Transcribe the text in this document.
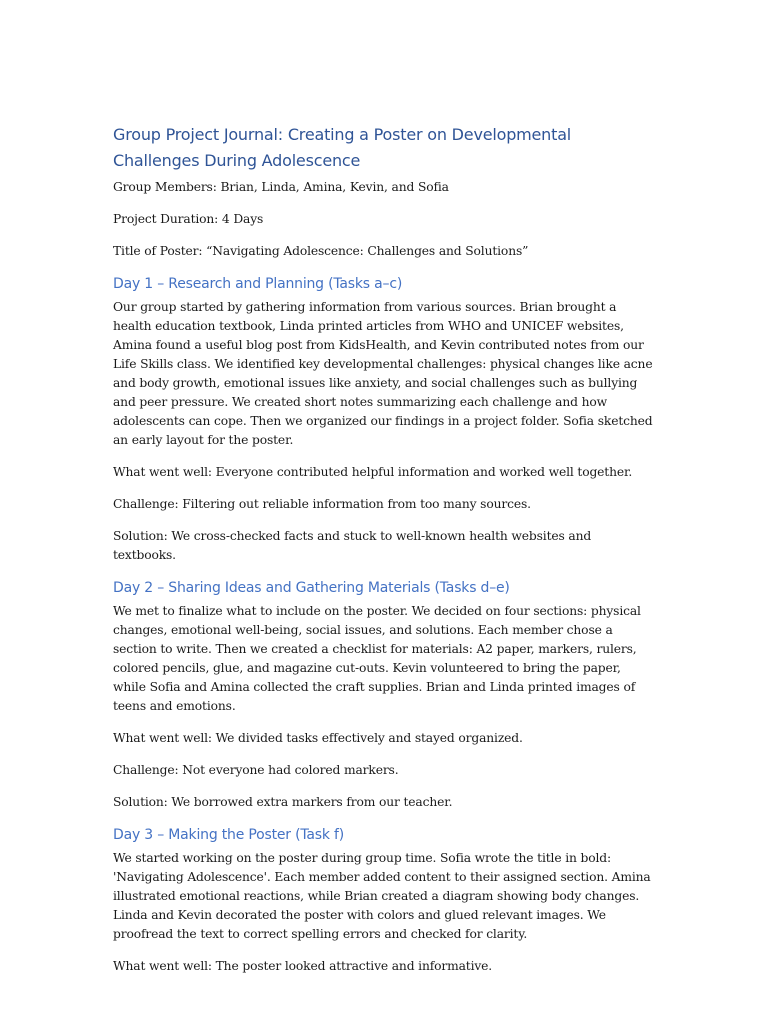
Group Project Journal: Creating a Poster on Developmental Challenges During Adolescence

Group Members: Brian, Linda, Amina, Kevin, and Sofia

Project Duration: 4 Days

Title of Poster: “Navigating Adolescence: Challenges and Solutions”

Day 1 – Research and Planning (Tasks a–c)

Our group started by gathering information from various sources. Brian brought a health education textbook, Linda printed articles from WHO and UNICEF websites, Amina found a useful blog post from KidsHealth, and Kevin contributed notes from our Life Skills class. We identified key developmental challenges: physical changes like acne and body growth, emotional issues like anxiety, and social challenges such as bullying and peer pressure. We created short notes summarizing each challenge and how adolescents can cope. Then we organized our findings in a project folder. Sofia sketched an early layout for the poster.

What went well: Everyone contributed helpful information and worked well together.

Challenge: Filtering out reliable information from too many sources.

Solution: We cross-checked facts and stuck to well-known health websites and textbooks.

Day 2 – Sharing Ideas and Gathering Materials (Tasks d–e)

We met to finalize what to include on the poster. We decided on four sections: physical changes, emotional well-being, social issues, and solutions. Each member chose a section to write. Then we created a checklist for materials: A2 paper, markers, rulers, colored pencils, glue, and magazine cut-outs. Kevin volunteered to bring the paper, while Sofia and Amina collected the craft supplies. Brian and Linda printed images of teens and emotions.

What went well: We divided tasks effectively and stayed organized.

Challenge: Not everyone had colored markers.

Solution: We borrowed extra markers from our teacher.

Day 3 – Making the Poster (Task f)

We started working on the poster during group time. Sofia wrote the title in bold: 'Navigating Adolescence'. Each member added content to their assigned section. Amina illustrated emotional reactions, while Brian created a diagram showing body changes. Linda and Kevin decorated the poster with colors and glued relevant images. We proofread the text to correct spelling errors and checked for clarity.

What went well: The poster looked attractive and informative.
